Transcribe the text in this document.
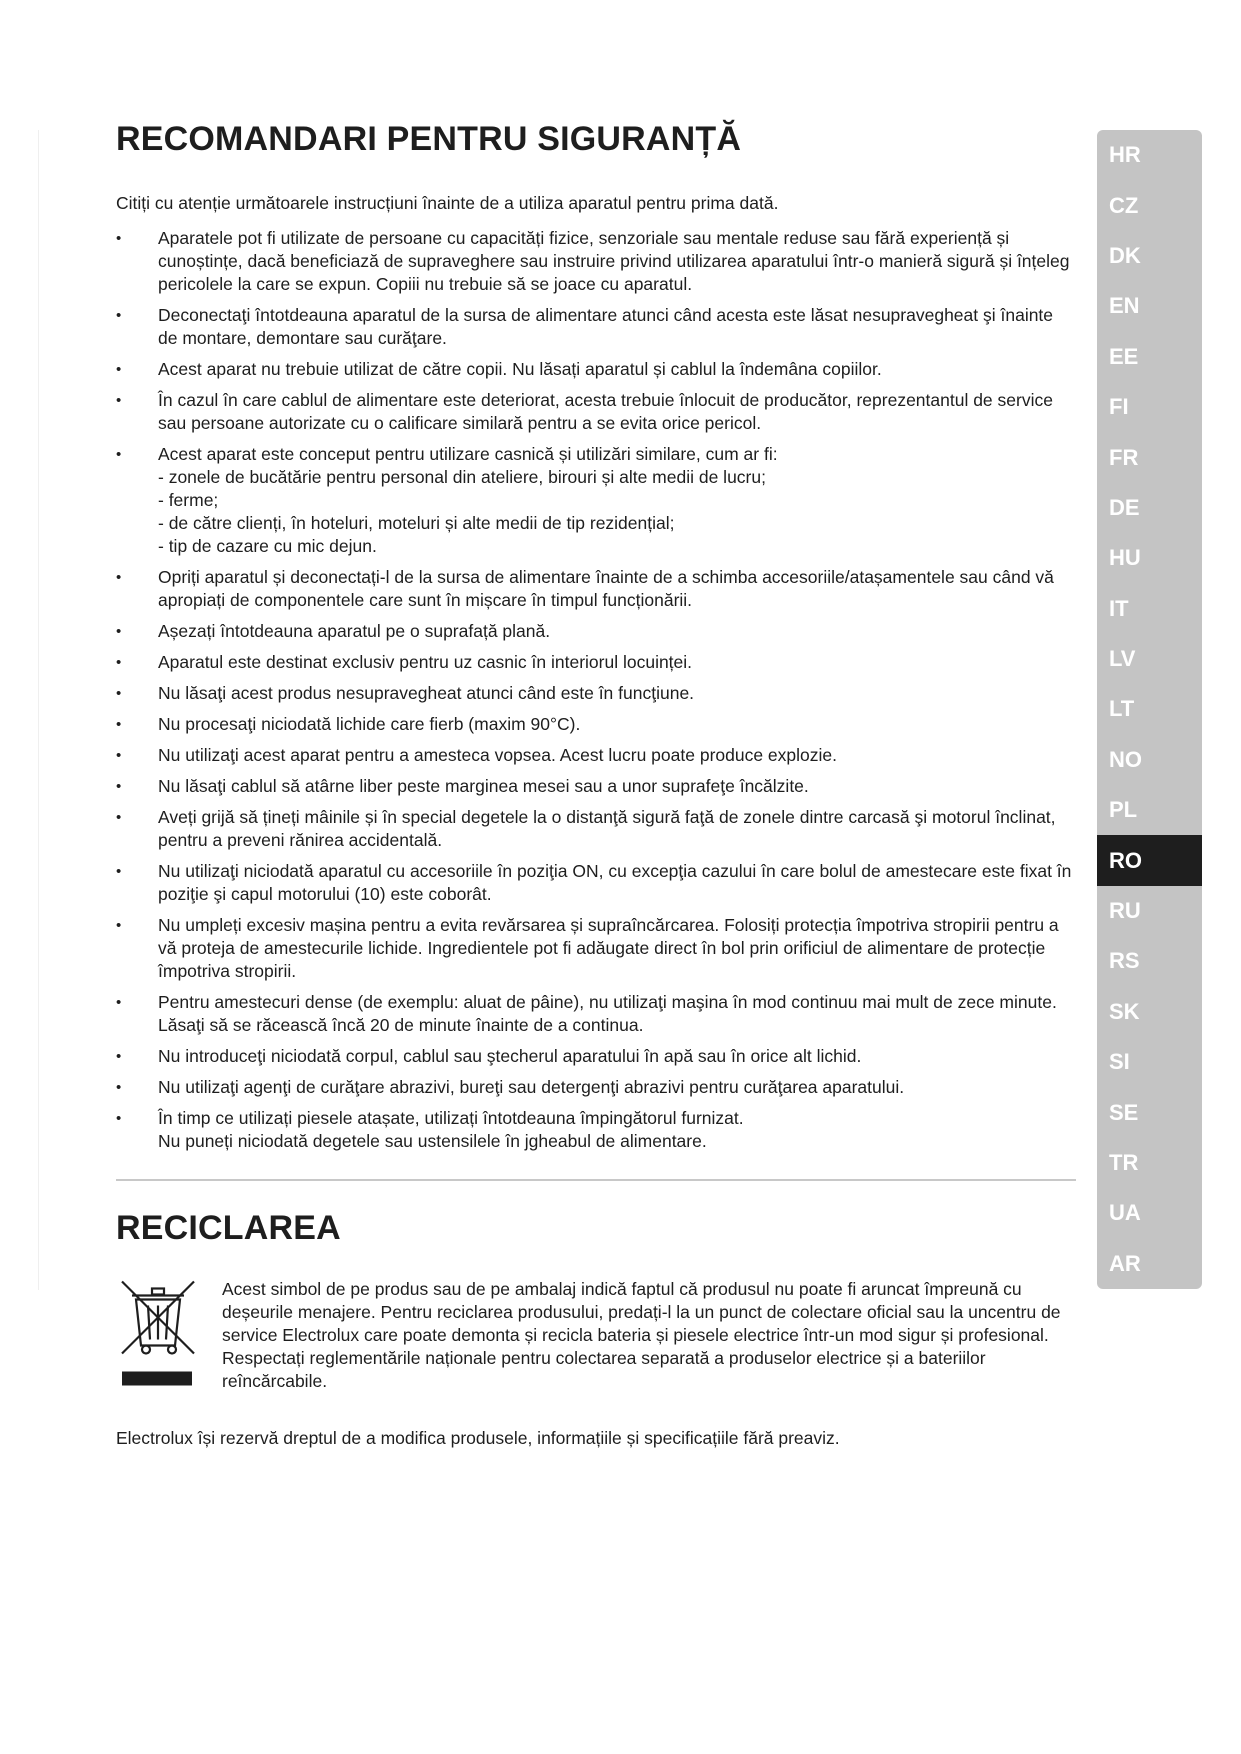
RECOMANDARI PENTRU SIGURANȚĂ

Citiți cu atenție următoarele instrucțiuni înainte de a utiliza aparatul pentru prima dată.

• Aparatele pot fi utilizate de persoane cu capacități fizice, senzoriale sau mentale reduse sau fără experiență și cunoștințe, dacă beneficiază de supraveghere sau instruire privind utilizarea aparatului într-o manieră sigură și înțeleg pericolele la care se expun. Copiii nu trebuie să se joace cu aparatul.
• Deconectaţi întotdeauna aparatul de la sursa de alimentare atunci când acesta este lăsat nesupravegheat şi înainte de montare, demontare sau curăţare.
• Acest aparat nu trebuie utilizat de către copii. Nu lăsați aparatul și cablul la îndemâna copiilor.
• În cazul în care cablul de alimentare este deteriorat, acesta trebuie înlocuit de producător, reprezentantul de service sau persoane autorizate cu o calificare similară pentru a se evita orice pericol.
• Acest aparat este conceput pentru utilizare casnică și utilizări similare, cum ar fi:
- zonele de bucătărie pentru personal din ateliere, birouri și alte medii de lucru;
- ferme;
- de către clienți, în hoteluri, moteluri și alte medii de tip rezidențial;
- tip de cazare cu mic dejun.
• Opriți aparatul și deconectați-l de la sursa de alimentare înainte de a schimba accesoriile/atașamentele sau când vă apropiați de componentele care sunt în mișcare în timpul funcționării.
• Așezați întotdeauna aparatul pe o suprafață plană.
• Aparatul este destinat exclusiv pentru uz casnic în interiorul locuinței.
• Nu lăsaţi acest produs nesupravegheat atunci când este în funcţiune.
• Nu procesaţi niciodată lichide care fierb (maxim 90°C).
• Nu utilizaţi acest aparat pentru a amesteca vopsea. Acest lucru poate produce explozie.
• Nu lăsaţi cablul să atârne liber peste marginea mesei sau a unor suprafeţe încălzite.
• Aveți grijă să țineți mâinile și în special degetele la o distanţă sigură faţă de zonele dintre carcasă şi motorul înclinat, pentru a preveni rănirea accidentală.
• Nu utilizaţi niciodată aparatul cu accesoriile în poziţia ON, cu excepţia cazului în care bolul de amestecare este fixat în poziţie şi capul motorului (10) este coborât.
• Nu umpleți excesiv mașina pentru a evita revărsarea și supraîncărcarea. Folosiți protecția împotriva stropirii pentru a vă proteja de amestecurile lichide. Ingredientele pot fi adăugate direct în bol prin orificiul de alimentare de protecție împotriva stropirii.
• Pentru amestecuri dense (de exemplu: aluat de pâine), nu utilizaţi maşina în mod continuu mai mult de zece minute. Lăsaţi să se răcească încă 20 de minute înainte de a continua.
• Nu introduceţi niciodată corpul, cablul sau ştecherul aparatului în apă sau în orice alt lichid.
• Nu utilizaţi agenţi de curăţare abrazivi, bureţi sau detergenţi abrazivi pentru curăţarea aparatului.
• În timp ce utilizați piesele atașate, utilizați întotdeauna împingătorul furnizat.
Nu puneți niciodată degetele sau ustensilele în jgheabul de alimentare.
RECICLAREA
Acest simbol de pe produs sau de pe ambalaj indică faptul că produsul nu poate fi aruncat împreună cu deșeurile menajere. Pentru reciclarea produsului, predați-l la un punct de colectare oficial sau la uncentru de service Electrolux care poate demonta și recicla bateria și piesele electrice într-un mod sigur și profesional. Respectați reglementările naționale pentru colectarea separată a produselor electrice și a bateriilor reîncărcabile.
Electrolux își rezervă dreptul de a modifica produsele, informațiile și specificațiile fără preaviz.
HR
CZ
DK
EN
EE
FI
FR
DE
HU
IT
LV
LT
NO
PL
RO
RU
RS
SK
SI
SE
TR
UA
AR
